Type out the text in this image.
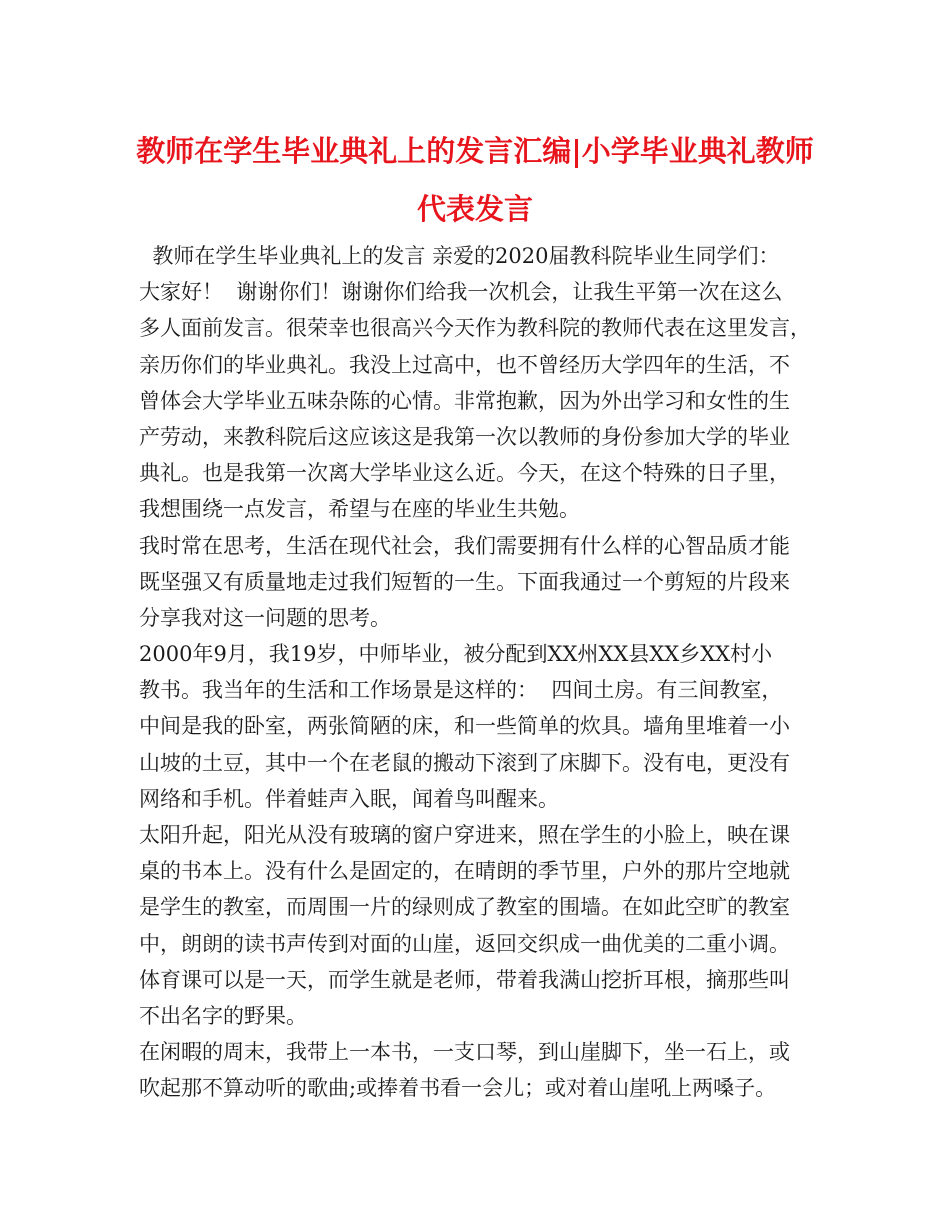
教师在学生毕业典礼上的发言汇编|小学毕业典礼教师
代表发言
教师在学生毕业典礼上的发言 亲爱的2020届教科院毕业生同学们：
大家好！  谢谢你们！谢谢你们给我一次机会，让我生平第一次在这么
多人面前发言。很荣幸也很高兴今天作为教科院的教师代表在这里发言，
亲历你们的毕业典礼。我没上过高中，也不曾经历大学四年的生活，不
曾体会大学毕业五味杂陈的心情。非常抱歉，因为外出学习和女性的生
产劳动，来教科院后这应该这是我第一次以教师的身份参加大学的毕业
典礼。也是我第一次离大学毕业这么近。今天，在这个特殊的日子里，
我想围绕一点发言，希望与在座的毕业生共勉。
我时常在思考，生活在现代社会，我们需要拥有什么样的心智品质才能
既坚强又有质量地走过我们短暂的一生。下面我通过一个剪短的片段来
分享我对这一问题的思考。
2000年9月，我19岁，中师毕业，被分配到XX州XX县XX乡XX村小
教书。我当年的生活和工作场景是这样的：  四间土房。有三间教室，
中间是我的卧室，两张简陋的床，和一些简单的炊具。墙角里堆着一小
山坡的土豆，其中一个在老鼠的搬动下滚到了床脚下。没有电，更没有
网络和手机。伴着蛙声入眠，闻着鸟叫醒来。
太阳升起，阳光从没有玻璃的窗户穿进来，照在学生的小脸上，映在课
桌的书本上。没有什么是固定的，在晴朗的季节里，户外的那片空地就
是学生的教室，而周围一片的绿则成了教室的围墙。在如此空旷的教室
中，朗朗的读书声传到对面的山崖，返回交织成一曲优美的二重小调。
体育课可以是一天，而学生就是老师，带着我满山挖折耳根，摘那些叫
不出名字的野果。
在闲暇的周末，我带上一本书，一支口琴，到山崖脚下，坐一石上，或
吹起那不算动听的歌曲;或捧着书看一会儿；或对着山崖吼上两嗓子。
